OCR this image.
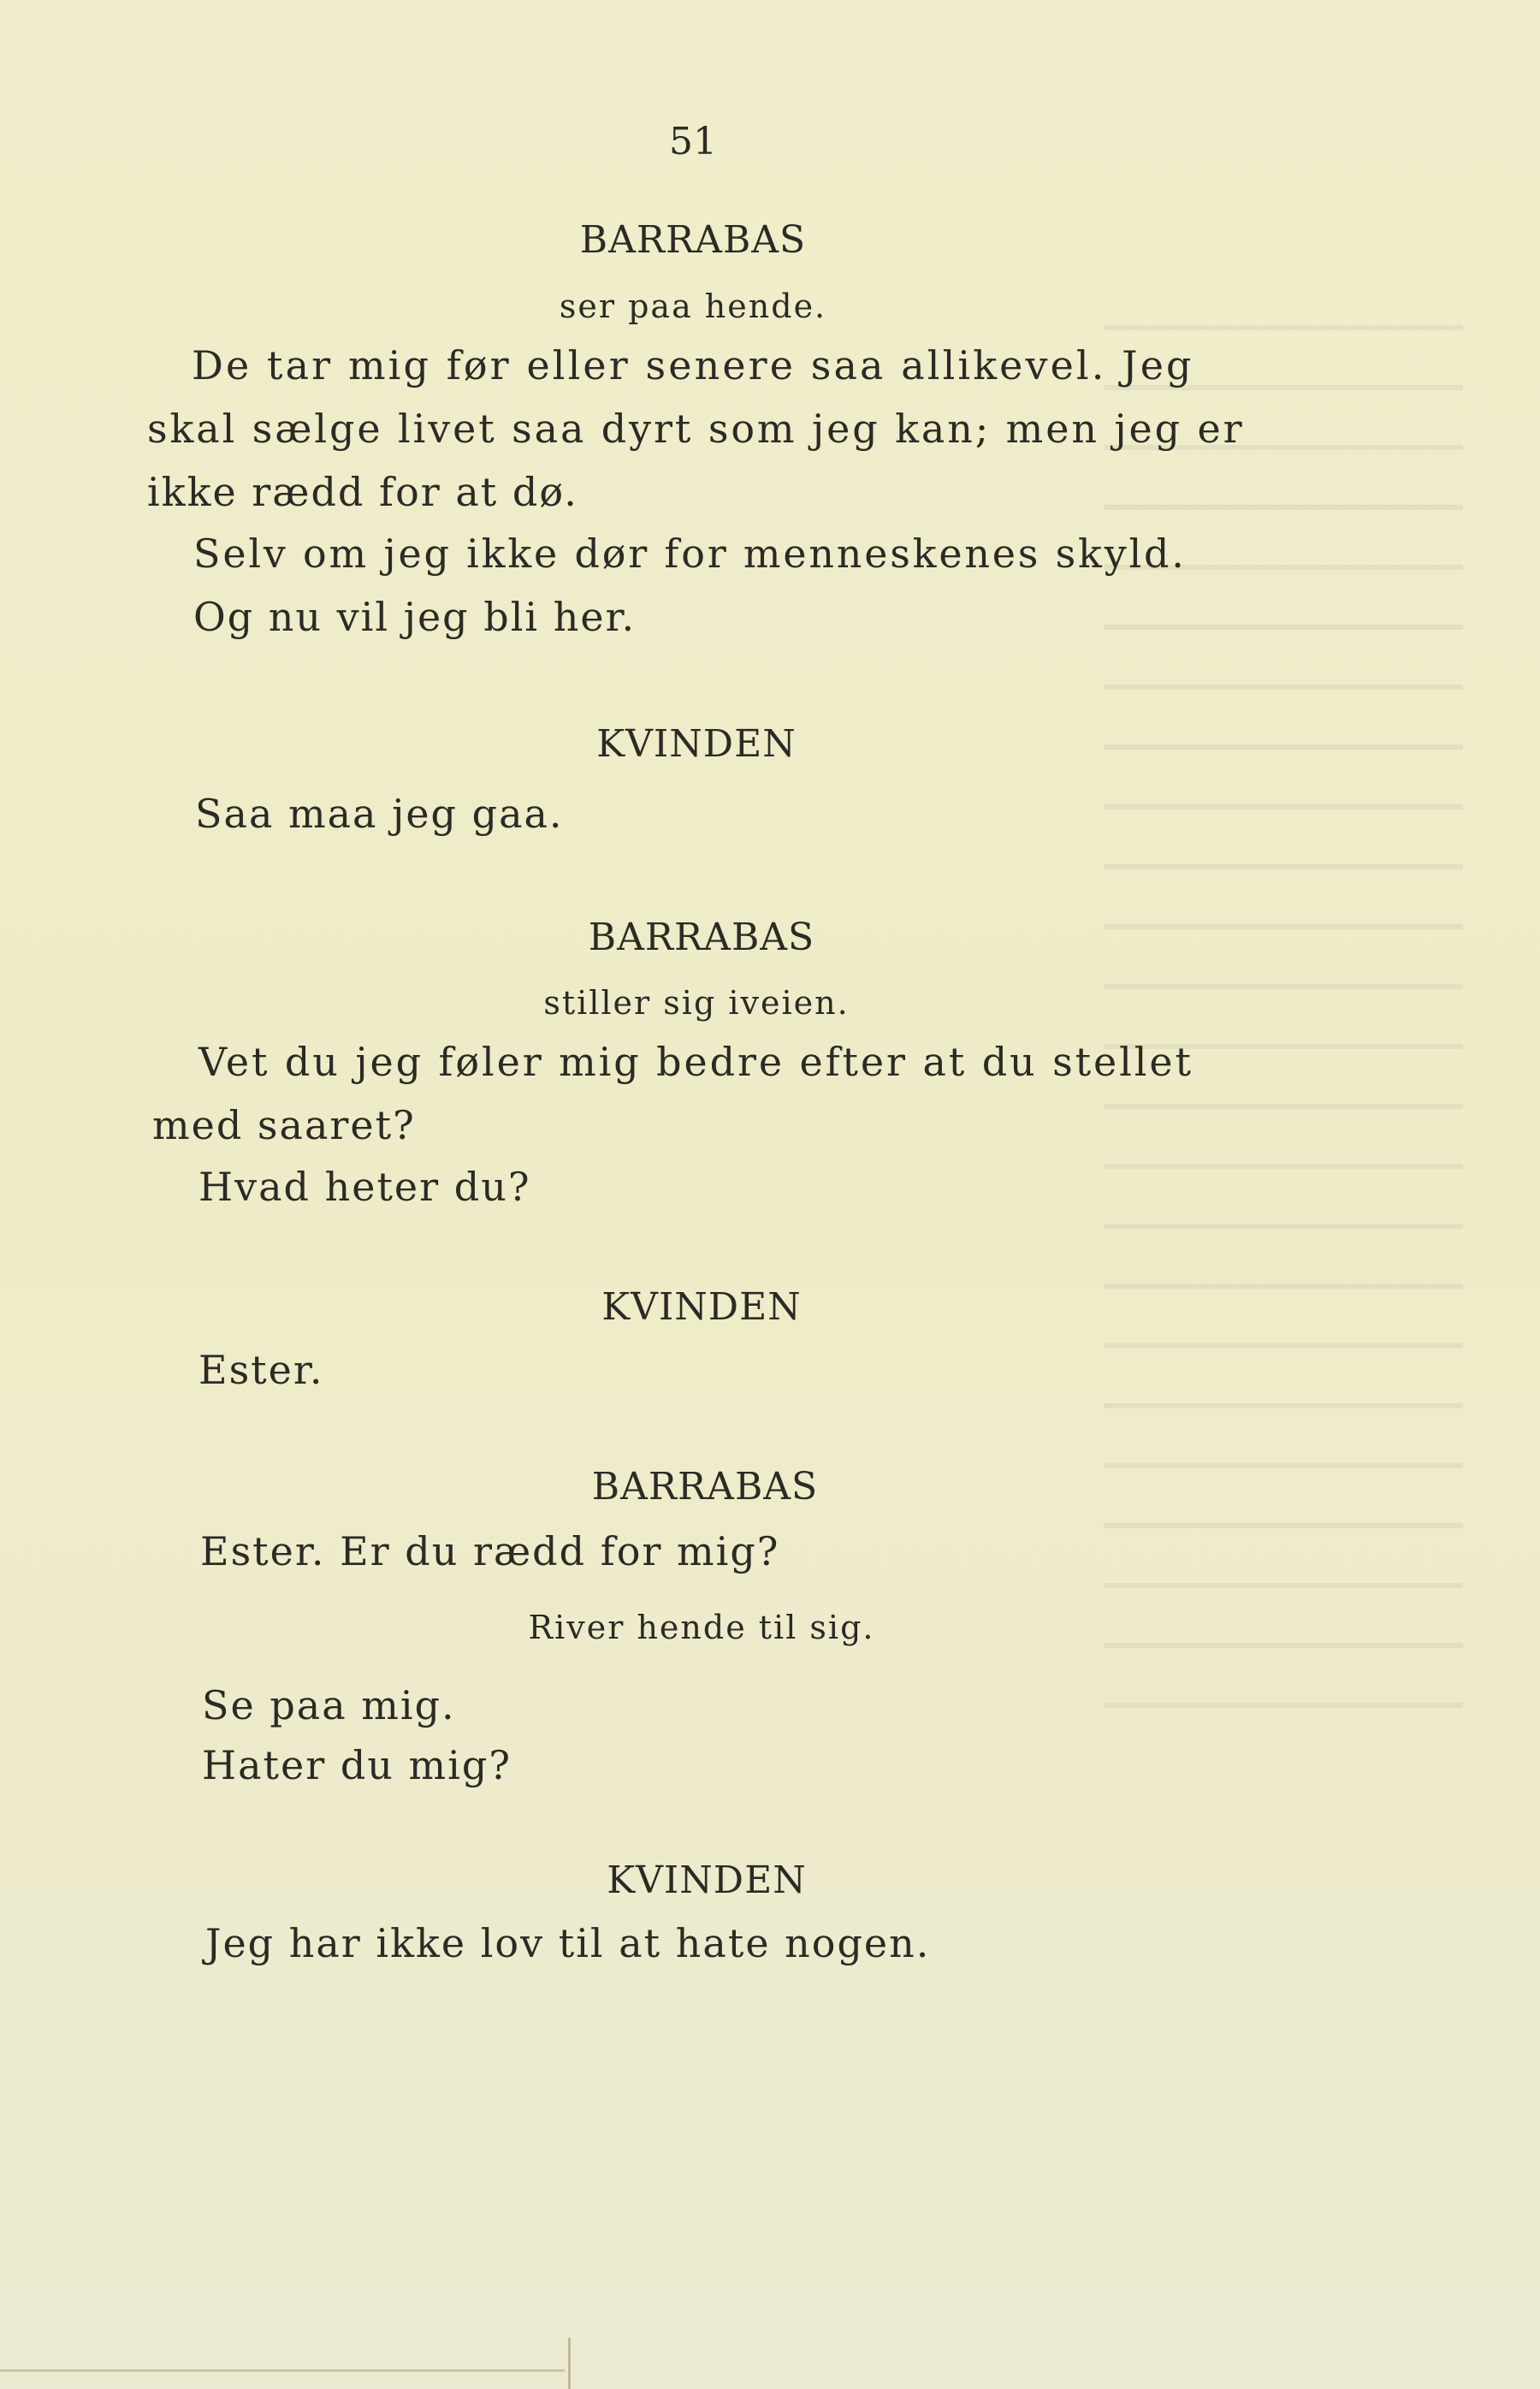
51
BARRABAS
ser paa hende.
De tar mig før eller senere saa allikevel. Jeg
skal sælge livet saa dyrt som jeg kan; men jeg er
ikke rædd for at dø.
Selv om jeg ikke dør for menneskenes skyld.
Og nu vil jeg bli her.
KVINDEN
Saa maa jeg gaa.
BARRABAS
stiller sig iveien.
Vet du jeg føler mig bedre efter at du stellet
med saaret?
Hvad heter du?
KVINDEN
Ester.
BARRABAS
Ester. Er du rædd for mig?
River hende til sig.
Se paa mig.
Hater du mig?
KVINDEN
Jeg har ikke lov til at hate nogen.
